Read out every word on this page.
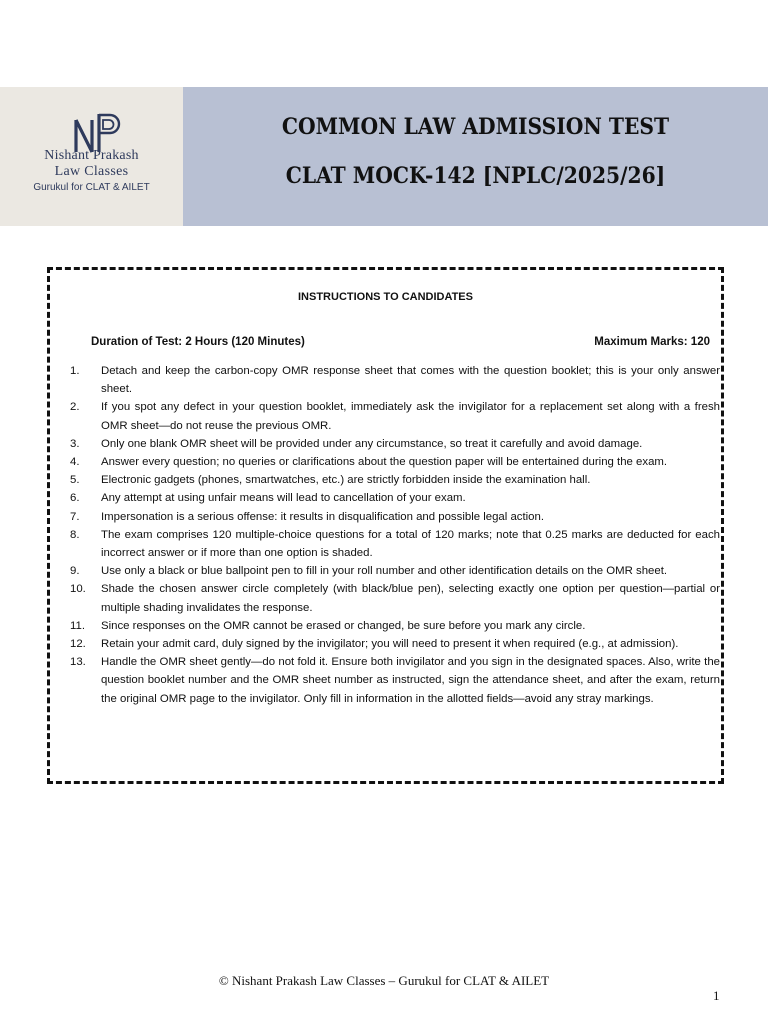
Nishant Prakash
Law Classes
Gurukul for CLAT & AILET
COMMON LAW ADMISSION TEST
CLAT MOCK-142 [NPLC/2025/26]
INSTRUCTIONS TO CANDIDATES
Duration of Test: 2 Hours (120 Minutes)	Maximum Marks: 120
1.	Detach and keep the carbon-copy OMR response sheet that comes with the question booklet; this is your only answer sheet.
2.	If you spot any defect in your question booklet, immediately ask the invigilator for a replacement set along with a fresh OMR sheet—do not reuse the previous OMR.
3.	Only one blank OMR sheet will be provided under any circumstance, so treat it carefully and avoid damage.
4.	Answer every question; no queries or clarifications about the question paper will be entertained during the exam.
5.	Electronic gadgets (phones, smartwatches, etc.) are strictly forbidden inside the examination hall.
6.	Any attempt at using unfair means will lead to cancellation of your exam.
7.	Impersonation is a serious offense: it results in disqualification and possible legal action.
8.	The exam comprises 120 multiple-choice questions for a total of 120 marks; note that 0.25 marks are deducted for each incorrect answer or if more than one option is shaded.
9.	Use only a black or blue ballpoint pen to fill in your roll number and other identification details on the OMR sheet.
10.	Shade the chosen answer circle completely (with black/blue pen), selecting exactly one option per question—partial or multiple shading invalidates the response.
11.	Since responses on the OMR cannot be erased or changed, be sure before you mark any circle.
12.	Retain your admit card, duly signed by the invigilator; you will need to present it when required (e.g., at admission).
13.	Handle the OMR sheet gently—do not fold it. Ensure both invigilator and you sign in the designated spaces. Also, write the question booklet number and the OMR sheet number as instructed, sign the attendance sheet, and after the exam, return the original OMR page to the invigilator. Only fill in information in the allotted fields—avoid any stray markings.
© Nishant Prakash Law Classes – Gurukul for CLAT & AILET
1
